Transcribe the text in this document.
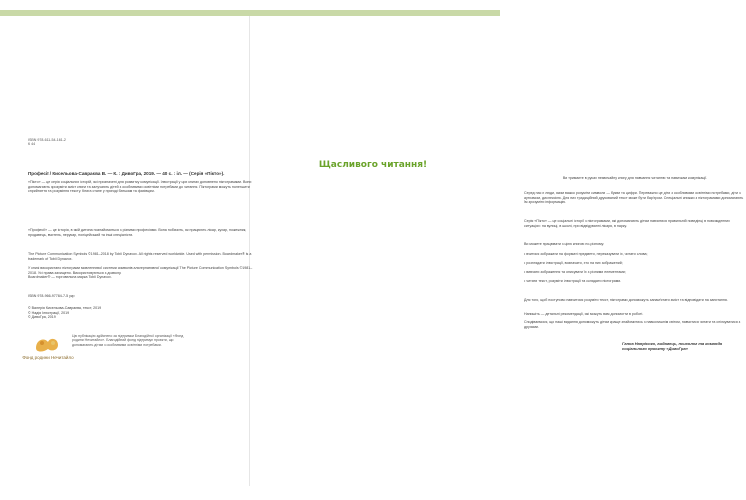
ISBN 978-611-54-161-2
К 44
Професії / Кисельова-Савраєва В. — К. : ДивоГра, 2019. — 40 с. : іл. — (Серія «Пікто»).
«Пікто» — це серія соціальних історій, які призначені для розвитку комунікації. Ілюстрації у цих книгах доповнено піктограмами. Вони допомагають зрозуміти зміст книги та залучають дітей з особливими освітніми потребами до читання. Піктограми можуть полегшити сприйняття та розуміння тексту. Книга стане у пригоді батькам та фахівцям.
«Професії» — це історія, в якій дитина познайомиться з різними професіями. Вона побачить, як працюють лікар, кухар, пожежник, продавець, вчитель, перукар, поліцейський та інші спеціалісти.
The Picture Communication Symbols ©1981–2018 by Tobii Dynavox. All rights reserved worldwide. Used with permission. Boardmaker® is a trademark of Tobii Dynavox.
У книзі використано піктограми мовленнєвої системи символів альтернативної комунікації The Picture Communication Symbols ©1981–2018. Усі права захищено. Використовуються з дозволу.
Boardmaker® — торговельна марка Tobii Dynavox.
ISBN 978-966-97784-7-5 укр
© Валерія Кисельова-Савраєва, текст, 2019
© Надія Ілюстрації, 2019
© ДивоГра, 2019
Фонд родини Нечитайло
Цю публікацію здійснено за підтримки Благодійної організації «Фонд родини Нечитайло». Благодійний фонд підтримує проєкти, що допомагають дітям з особливими освітніми потребами.
Щасливого читання!
Ви тримаєте в руках незвичайну книгу для навчання читанню та навичкам комунікації.
Серед нас є люди, яким важко розуміти символи — букви та цифри. Переважно це діти з особливими освітніми потребами, діти з аутизмом, дислексією. Для них традиційний друкований текст може бути бар'єром. Спеціальні книжки з піктограмами допомагають їм зрозуміти інформацію.
Серія «Пікто» — це соціальні історії з піктограмами, які допомагають дітям навчитися правильній поведінці в повсякденних ситуаціях: на вулиці, в школі, при відвідуванні лікаря, в парку.
Ви можете працювати з цією книгою по-різному:
• вчитися зображати на форматі предмети, переказувати іх, читати слова;
• розглядати ілюстрації, визначати, хто на них зображений;
• вивчати зображення та описувати їх з різними елементами;
• читати текст, розуміти ілюстрації та складати піктограми.
Для того, щоб поступово навчитися розуміти текст, піктограми допоможуть запам'ятати зміст та відповідати на запитання.
Напишіть — детальні рекомендації, які можуть вам допомогти в роботі.
Сподіваємося, що наші видання допоможуть дітям краще знайомитись з навколишнім світом, навчитися читати та спілкуватися з друзями.
Ганна Напрієнко, видавець, психолог та команда соціального проєкту «ДивоГра»
